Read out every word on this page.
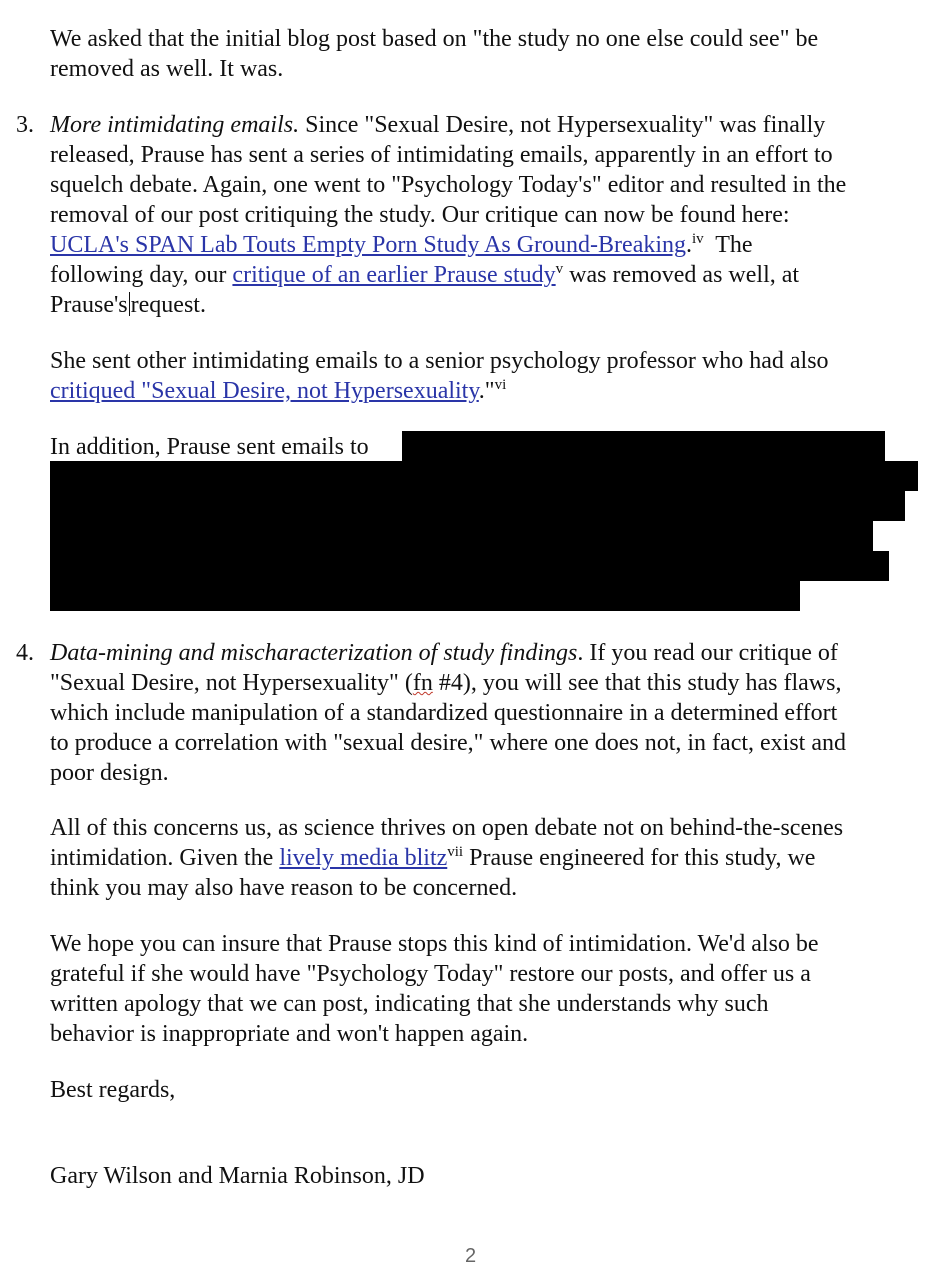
We asked that the initial blog post based on "the study no one else could see" be
removed as well. It was.
3. More intimidating emails. Since "Sexual Desire, not Hypersexuality" was finally
released, Prause has sent a series of intimidating emails, apparently in an effort to
squelch debate. Again, one went to "Psychology Today's" editor and resulted in the
removal of our post critiquing the study. Our critique can now be found here:
UCLA's SPAN Lab Touts Empty Porn Study As Ground-Breaking.$^{iv}$  The
following day, our critique of an earlier Prause study$^v$ was removed as well, at
Prause's request.
She sent other intimidating emails to a senior psychology professor who had also
critiqued "Sexual Desire, not Hypersexuality."$^{vi}$
In addition, Prause sent emails to
4. Data-mining and mischaracterization of study findings. If you read our critique of
"Sexual Desire, not Hypersexuality" (fn #4), you will see that this study has flaws,
which include manipulation of a standardized questionnaire in a determined effort
to produce a correlation with "sexual desire," where one does not, in fact, exist and
poor design.
All of this concerns us, as science thrives on open debate not on behind-the-scenes
intimidation. Given the lively media blitz$^{vii}$ Prause engineered for this study, we
think you may also have reason to be concerned.
We hope you can insure that Prause stops this kind of intimidation. We'd also be
grateful if she would have "Psychology Today" restore our posts, and offer us a
written apology that we can post, indicating that she understands why such
behavior is inappropriate and won't happen again.
Best regards,
Gary Wilson and Marnia Robinson, JD
2
